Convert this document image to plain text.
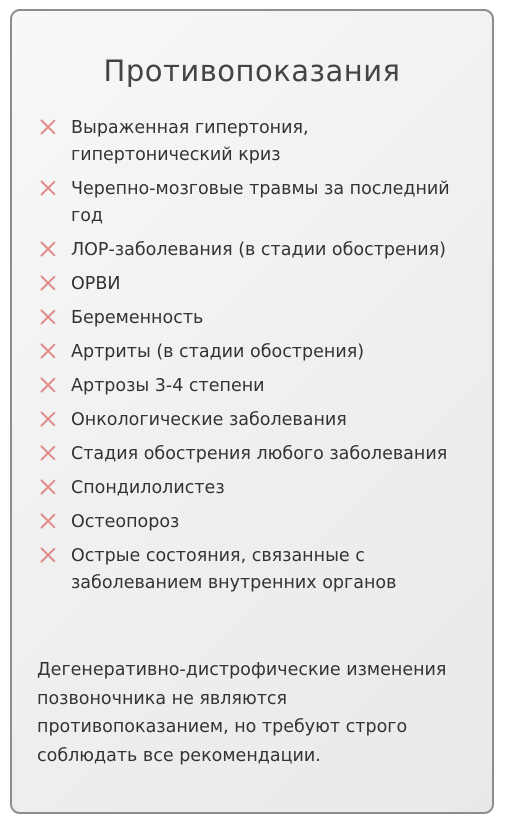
Противопоказания
Выраженная гипертония, гипертонический криз
Черепно-мозговые травмы за последний год
ЛОР-заболевания (в стадии обострения)
ОРВИ
Беременность
Артриты (в стадии обострения)
Артрозы 3-4 степени
Онкологические заболевания
Стадия обострения любого заболевания
Спондилолистез
Остеопороз
Острые состояния, связанные с заболеванием внутренних органов

Дегенеративно-дистрофические изменения позвоночника не являются противопоказанием, но требуют строго соблюдать все рекомендации.
